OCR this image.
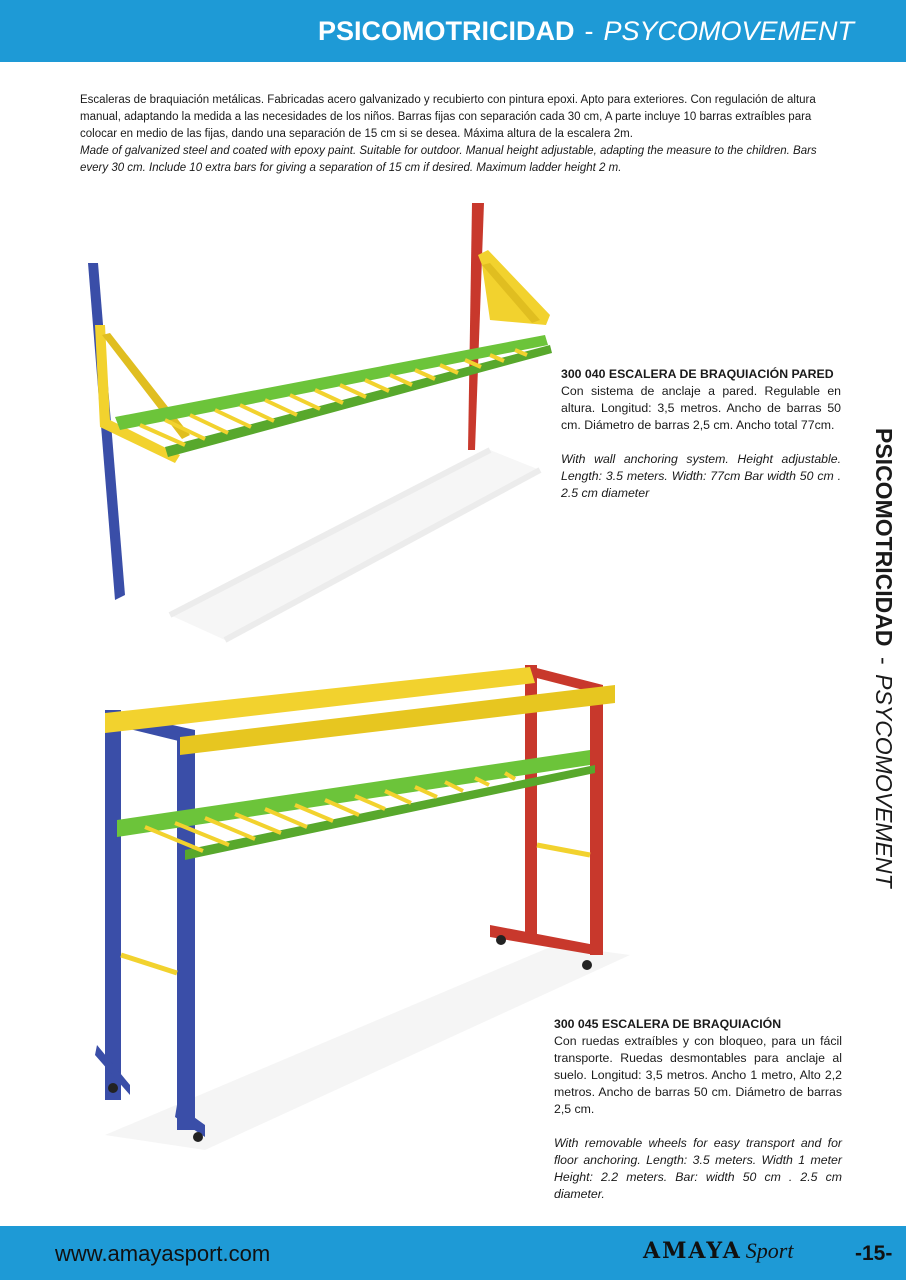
PSICOMOTRICIDAD - PSYCOMOVEMENT

Escaleras de braquiación metálicas. Fabricadas acero galvanizado y recubierto con pintura epoxi. Apto para exteriores. Con regulación de altura manual, adaptando la medida a las necesidades de los niños. Barras fijas con separación cada 30 cm, A parte incluye 10 barras extraíbles para colocar en medio de las fijas, dando una separación de 15 cm si se desea. Máxima altura de la escalera 2m.

Made of galvanized steel and coated with epoxy paint. Suitable for outdoor. Manual height adjustable, adapting the measure to the children. Bars every 30 cm. Include 10 extra bars for giving a separation of 15 cm if desired. Maximum ladder height 2 m.

300 040 ESCALERA DE BRAQUIACIÓN PARED

Con sistema de anclaje a pared. Regulable en altura. Longitud: 3,5 metros. Ancho de barras 50 cm. Diámetro de barras 2,5 cm. Ancho total 77cm.

With wall anchoring system. Height adjustable. Length: 3.5 meters. Width: 77cm Bar width 50 cm . 2.5 cm diameter

300 045 ESCALERA DE BRAQUIACIÓN

Con ruedas extraíbles y con bloqueo, para un fácil transporte. Ruedas desmontables para anclaje al suelo. Longitud: 3,5 metros. Ancho 1 metro, Alto 2,2 metros. Ancho de barras 50 cm. Diámetro de barras 2,5 cm.

With removable wheels for easy transport and for floor anchoring. Length: 3.5 meters. Width 1 meter Height: 2.2 meters. Bar: width 50 cm . 2.5 cm diameter.

PSICOMOTRICIDAD-PSYCOMOVEMENT
www.amayasport.com	AMAYA Sport	-15-
